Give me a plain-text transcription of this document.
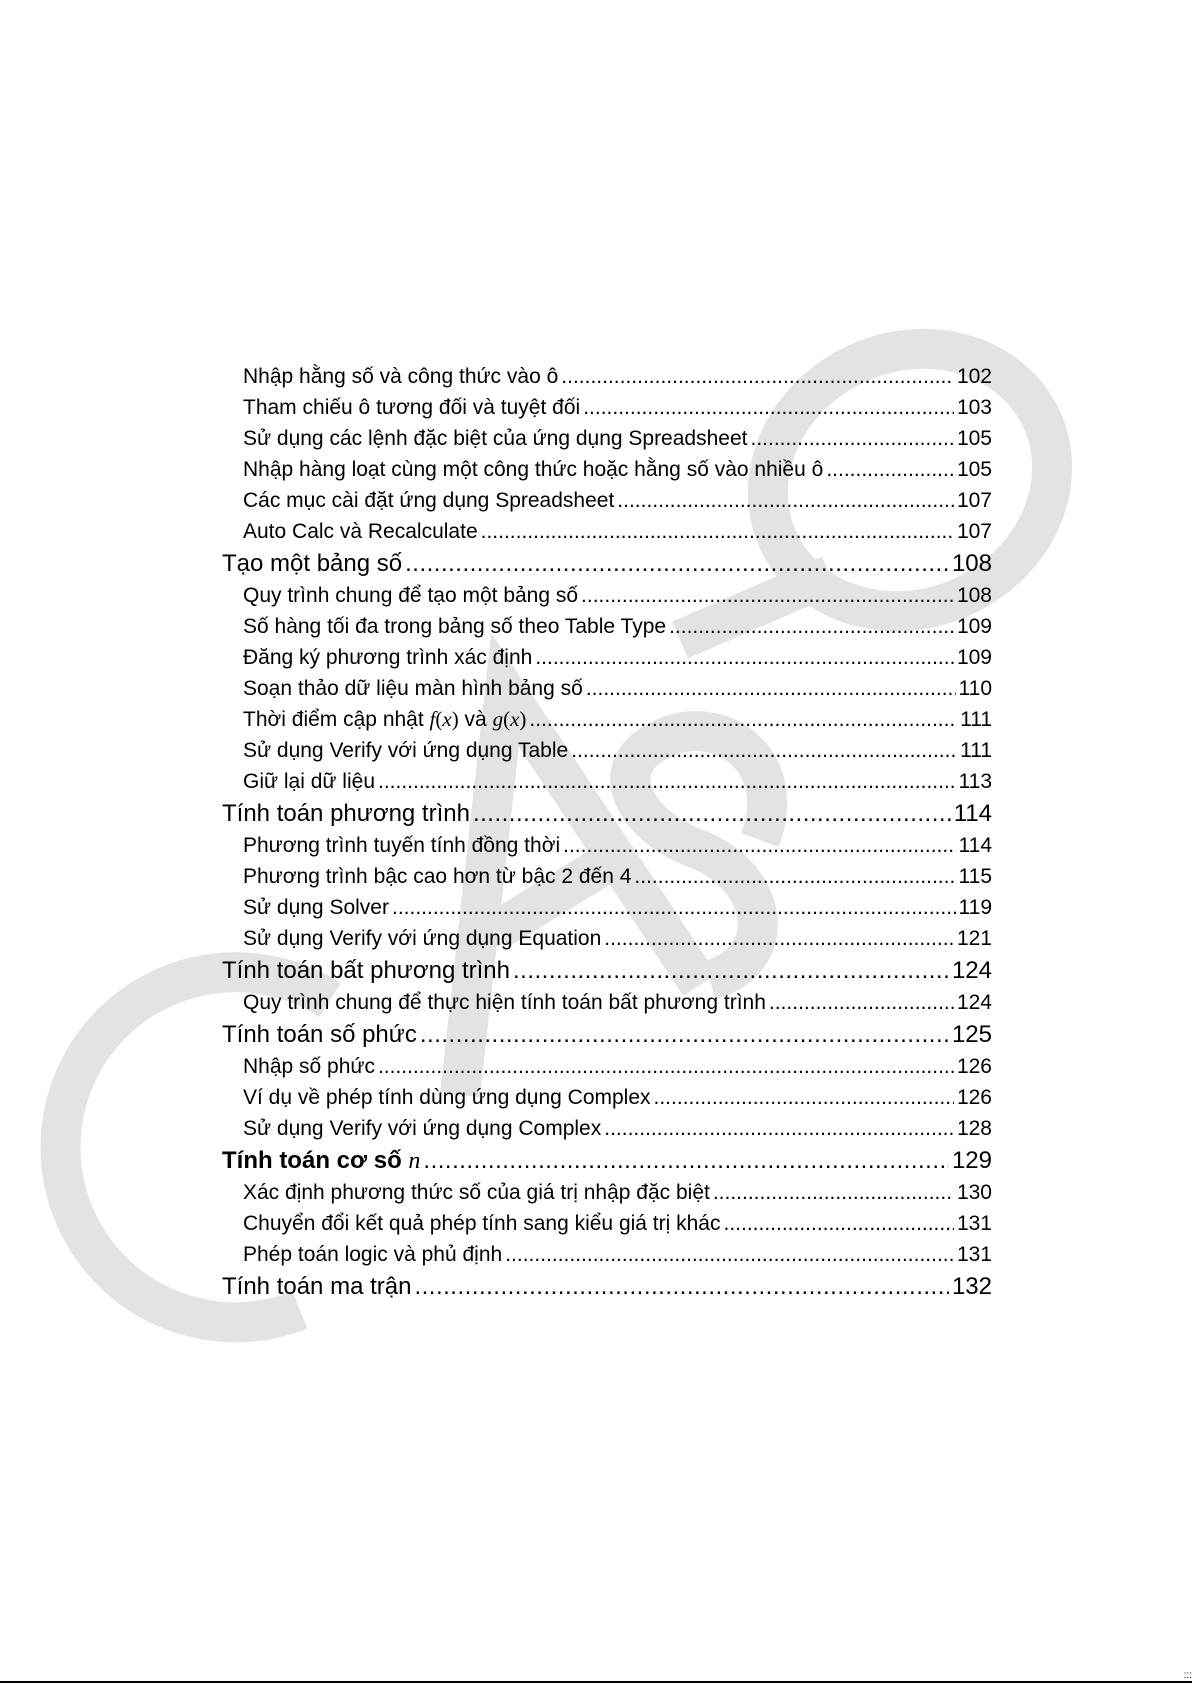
Nhập hằng số và công thức vào ô .....	102
Tham chiếu ô tương đối và tuyệt đối .....	103
Sử dụng các lệnh đặc biệt của ứng dụng Spreadsheet .....	105
Nhập hàng loạt cùng một công thức hoặc hằng số vào nhiều ô .....	105
Các mục cài đặt ứng dụng Spreadsheet .....	107
Auto Calc và Recalculate .....	107
Tạo một bảng số .....	108
Quy trình chung để tạo một bảng số .....	108
Số hàng tối đa trong bảng số theo Table Type .....	109
Đăng ký phương trình xác định .....	109
Soạn thảo dữ liệu màn hình bảng số .....	110
Thời điểm cập nhật f(x) và g(x) .....	111
Sử dụng Verify với ứng dụng Table .....	111
Giữ lại dữ liệu .....	113
Tính toán phương trình .....	114
Phương trình tuyến tính đồng thời .....	114
Phương trình bậc cao hơn từ bậc 2 đến 4 .....	115
Sử dụng Solver .....	119
Sử dụng Verify với ứng dụng Equation .....	121
Tính toán bất phương trình .....	124
Quy trình chung để thực hiện tính toán bất phương trình .....	124
Tính toán số phức .....	125
Nhập số phức .....	126
Ví dụ về phép tính dùng ứng dụng Complex .....	126
Sử dụng Verify với ứng dụng Complex .....	128
Tính toán cơ số n .....	129
Xác định phương thức số của giá trị nhập đặc biệt .....	130
Chuyển đổi kết quả phép tính sang kiểu giá trị khác .....	131
Phép toán logic và phủ định .....	131
Tính toán ma trận .....	132
:::
